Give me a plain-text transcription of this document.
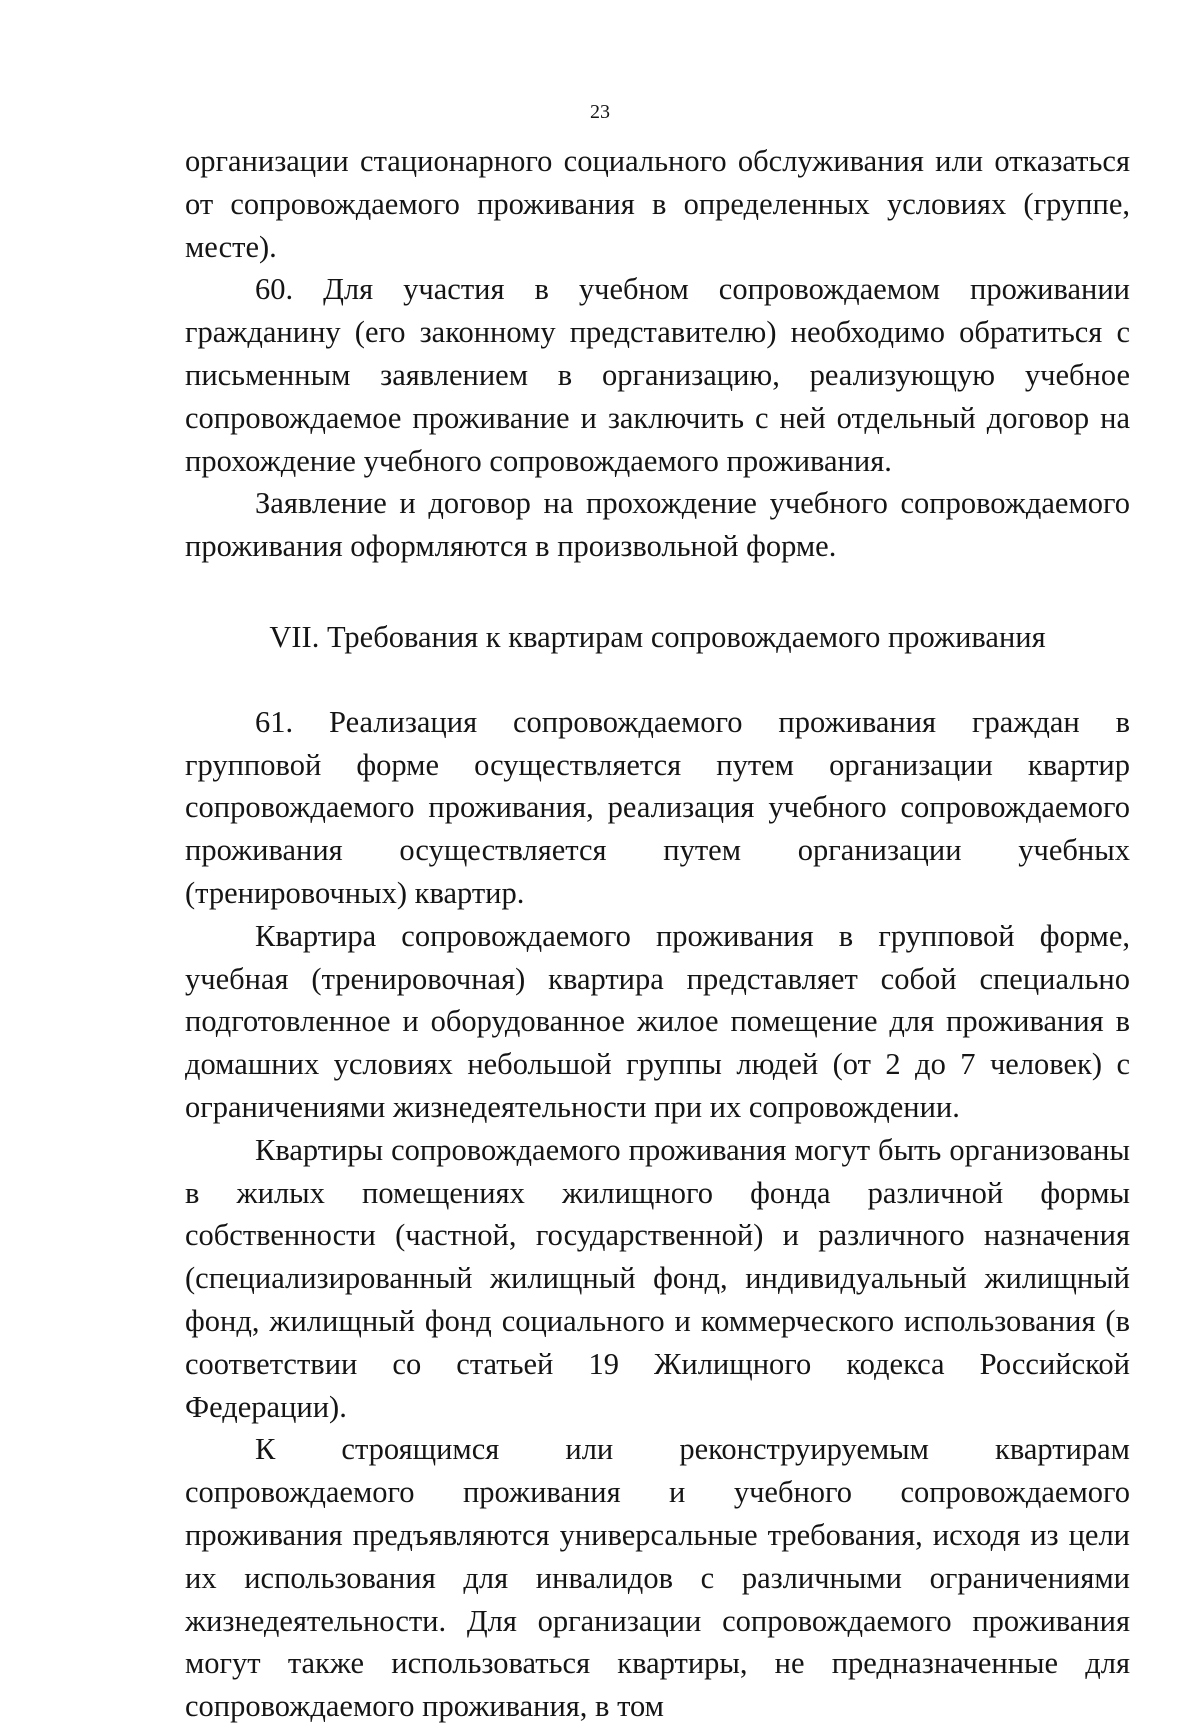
23

организации стационарного социального обслуживания или отказаться от сопровождаемого проживания в определенных условиях (группе, месте).

60. Для участия в учебном сопровождаемом проживании гражданину (его законному представителю) необходимо обратиться с письменным заявлением в организацию, реализующую учебное сопровождаемое проживание и заключить с ней отдельный договор на прохождение учебного сопровождаемого проживания.

Заявление и договор на прохождение учебного сопровождаемого проживания оформляются в произвольной форме.

VII. Требования к квартирам сопровождаемого проживания

61. Реализация сопровождаемого проживания граждан в групповой форме осуществляется путем организации квартир сопровождаемого проживания, реализация учебного сопровождаемого проживания осуществляется путем организации учебных (тренировочных) квартир.

Квартира сопровождаемого проживания в групповой форме, учебная (тренировочная) квартира представляет собой специально подготовленное и оборудованное жилое помещение для проживания в домашних условиях небольшой группы людей (от 2 до 7 человек) с ограничениями жизнедеятельности при их сопровождении.

Квартиры сопровождаемого проживания могут быть организованы в жилых помещениях жилищного фонда различной формы собственности (частной, государственной) и различного назначения (специализированный жилищный фонд, индивидуальный жилищный фонд, жилищный фонд социального и коммерческого использования (в соответствии со статьей 19 Жилищного кодекса Российской Федерации).

К строящимся или реконструируемым квартирам сопровождаемого проживания и учебного сопровождаемого проживания предъявляются универсальные требования, исходя из цели их использования для инвалидов с различными ограничениями жизнедеятельности. Для организации сопровождаемого проживания могут также использоваться квартиры, не предназначенные для сопровождаемого проживания, в том
